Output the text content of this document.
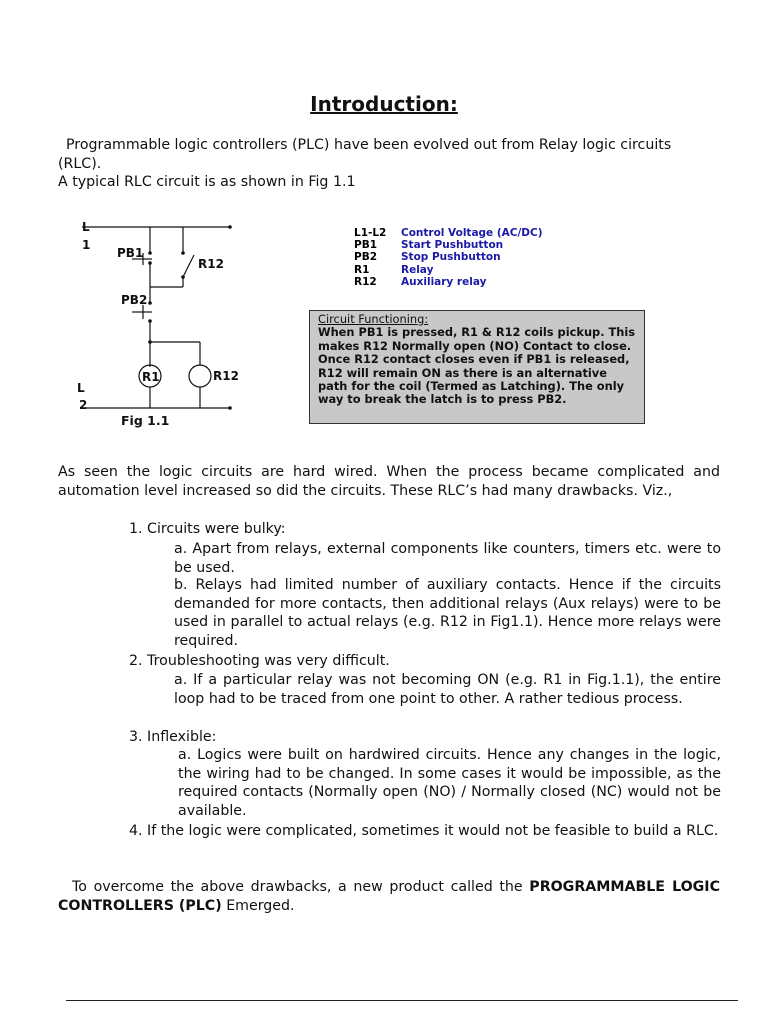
Introduction:
Programmable logic controllers (PLC) have been evolved out from Relay logic circuits (RLC).
A typical RLC circuit is as shown in Fig 1.1
L
1
L
2
PB1
PB2
R12
R1	R12
Fig 1.1
L1-L2	Control Voltage (AC/DC)
PB1	Start Pushbutton
PB2	Stop Pushbutton
R1	Relay
R12	Auxiliary relay
Circuit Functioning:
When PB1 is pressed, R1 & R12 coils pickup. This makes R12 Normally open (NO) Contact to close. Once R12 contact closes even if PB1 is released, R12 will remain ON as there is an alternative path for the coil (Termed as Latching). The only way to break the latch is to press PB2.
As seen the logic circuits are hard wired. When the process became complicated and automation level increased so did the circuits. These RLC’s had many drawbacks. Viz.,
1. Circuits were bulky:
a. Apart from relays, external components like counters, timers etc. were to be used.
b. Relays had limited number of auxiliary contacts. Hence if the circuits demanded for more contacts, then additional relays (Aux relays) were to be used in parallel to actual relays (e.g. R12 in Fig1.1). Hence more relays were required.
2. Troubleshooting was very difficult.
a. If a particular relay was not becoming ON (e.g. R1 in Fig.1.1), the entire loop had to be traced from one point to other. A rather tedious process.
3. Inflexible:
a. Logics were built on hardwired circuits. Hence any changes in the logic, the wiring had to be changed. In some cases it would be impossible, as the required contacts (Normally open (NO) / Normally closed (NC) would not be available.
4. If the logic were complicated, sometimes it would not be feasible to build a RLC.
To overcome the above drawbacks, a new product called the PROGRAMMABLE LOGIC CONTROLLERS (PLC) Emerged.
